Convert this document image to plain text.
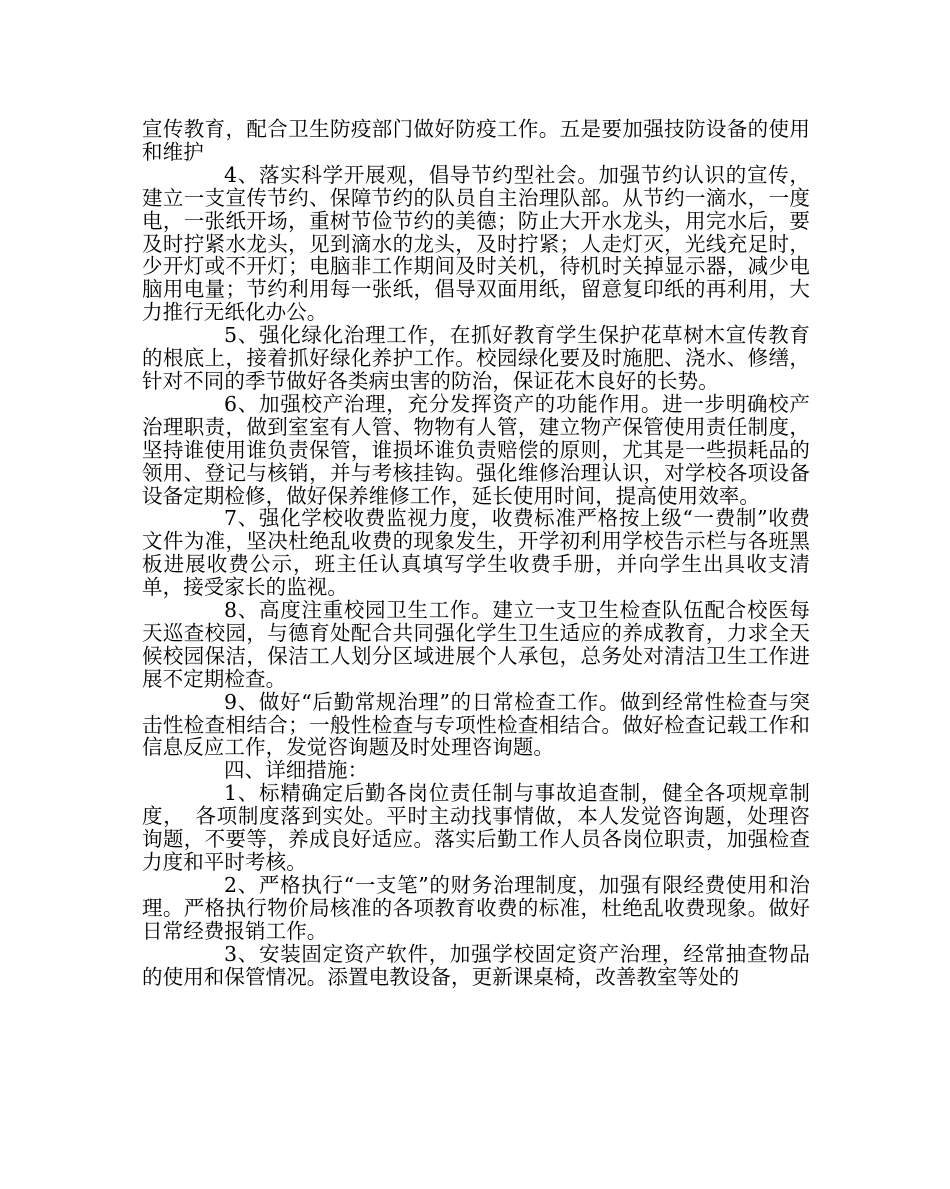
宣传教育，配合卫生防疫部门做好防疫工作。五是要加强技防设备的使用和维护

4、落实科学开展观，倡导节约型社会。加强节约认识的宣传，建立一支宣传节约、保障节约的队员自主治理队部。从节约一滴水，一度电，一张纸开场，重树节俭节约的美德；防止大开水龙头，用完水后，要及时拧紧水龙头，见到滴水的龙头，及时拧紧；人走灯灭，光线充足时，少开灯或不开灯；电脑非工作期间及时关机，待机时关掉显示器，减少电脑用电量；节约利用每一张纸，倡导双面用纸，留意复印纸的再利用，大力推行无纸化办公。

5、强化绿化治理工作，在抓好教育学生保护花草树木宣传教育的根底上，接着抓好绿化养护工作。校园绿化要及时施肥、浇水、修缮，针对不同的季节做好各类病虫害的防治，保证花木良好的长势。

6、加强校产治理，充分发挥资产的功能作用。进一步明确校产治理职责，做到室室有人管、物物有人管，建立物产保管使用责任制度，坚持谁使用谁负责保管，谁损坏谁负责赔偿的原则，尤其是一些损耗品的领用、登记与核销，并与考核挂钩。强化维修治理认识，对学校各项设备设备定期检修，做好保养维修工作，延长使用时间，提高使用效率。

7、强化学校收费监视力度，收费标准严格按上级“一费制”收费文件为准，坚决杜绝乱收费的现象发生，开学初利用学校告示栏与各班黑板进展收费公示，班主任认真填写学生收费手册，并向学生出具收支清单，接受家长的监视。

8、高度注重校园卫生工作。建立一支卫生检查队伍配合校医每天巡查校园，与德育处配合共同强化学生卫生适应的养成教育，力求全天候校园保洁，保洁工人划分区域进展个人承包，总务处对清洁卫生工作进展不定期检查。

9、做好“后勤常规治理”的日常检查工作。做到经常性检查与突击性检查相结合；一般性检查与专项性检查相结合。做好检查记载工作和信息反应工作，发觉咨询题及时处理咨询题。

四、详细措施：

1、标精确定后勤各岗位责任制与事故追查制，健全各项规章制度，　各项制度落到实处。平时主动找事情做，本人发觉咨询题，处理咨询题，不要等，养成良好适应。落实后勤工作人员各岗位职责，加强检查力度和平时考核。

2、严格执行“一支笔”的财务治理制度，加强有限经费使用和治理。严格执行物价局核准的各项教育收费的标准，杜绝乱收费现象。做好日常经费报销工作。

3、安装固定资产软件，加强学校固定资产治理，经常抽查物品的使用和保管情况。添置电教设备，更新课桌椅，改善教室等处的
